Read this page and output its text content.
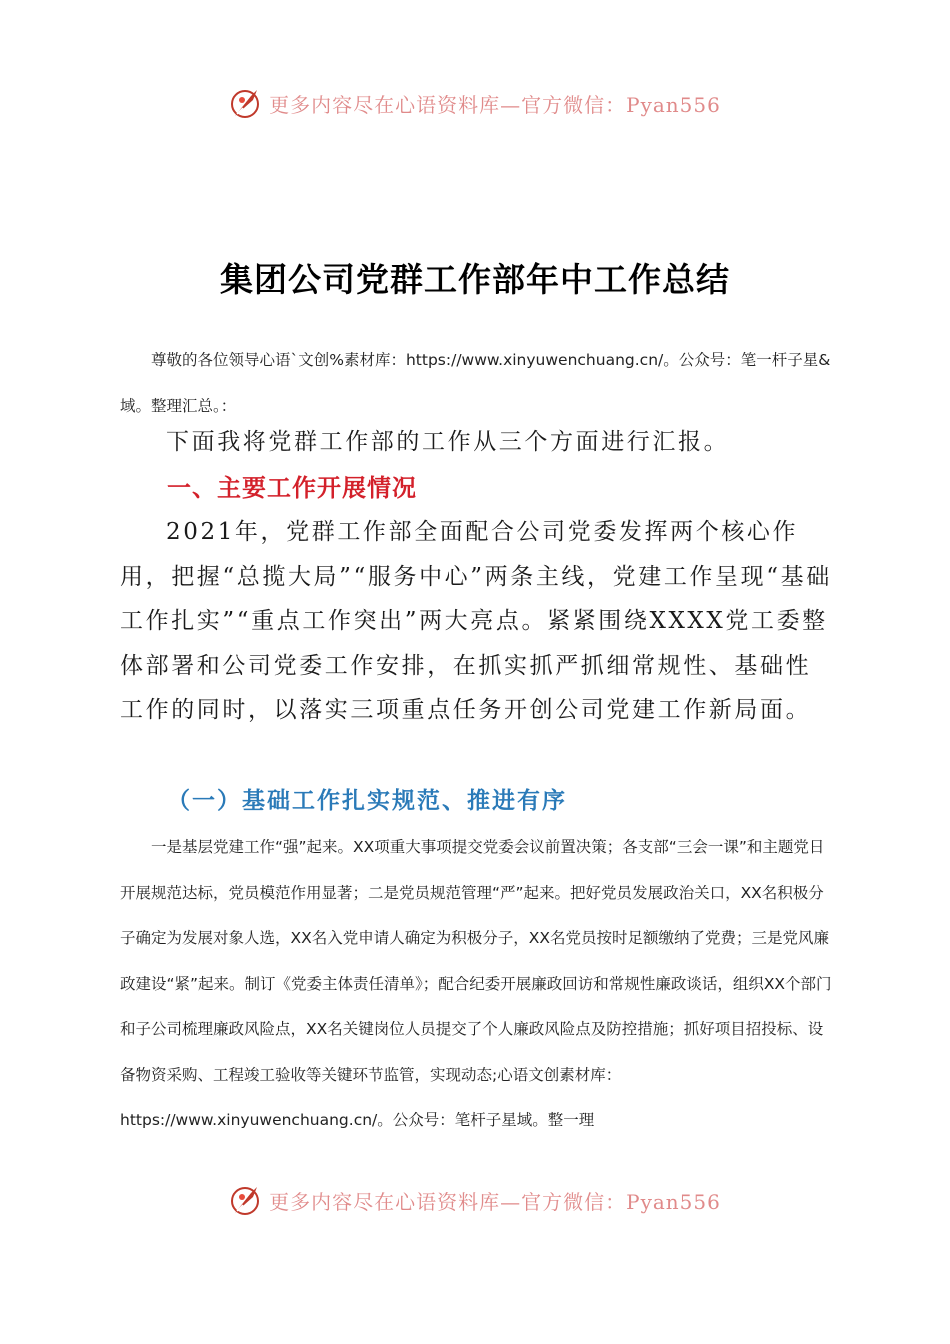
更多内容尽在心语资料库—官方微信：Pyan556
集团公司党群工作部年中工作总结

尊敬的各位领导心语`文创%素材库：https://www.xinyuwenchuang.cn/。公众号：笔一杆子星&域。整理汇总。：

下面我将党群工作部的工作从三个方面进行汇报。

一、主要工作开展情况

2021年，党群工作部全面配合公司党委发挥两个核心作用，把握“总揽大局”“服务中心”两条主线，党建工作呈现“基础工作扎实”“重点工作突出”两大亮点。紧紧围绕XXXX党工委整体部署和公司党委工作安排，在抓实抓严抓细常规性、基础性工作的同时，以落实三项重点任务开创公司党建工作新局面。

（一）基础工作扎实规范、推进有序

一是基层党建工作“强”起来。XX项重大事项提交党委会议前置决策；各支部“三会一课”和主题党日开展规范达标，党员模范作用显著；二是党员规范管理“严”起来。把好党员发展政治关口，XX名积极分子确定为发展对象人选，XX名入党申请人确定为积极分子，XX名党员按时足额缴纳了党费；三是党风廉政建设“紧”起来。制订《党委主体责任清单》；配合纪委开展廉政回访和常规性廉政谈话，组织XX个部门和子公司梳理廉政风险点，XX名关键岗位人员提交了个人廉政风险点及防控措施；抓好项目招投标、设备物资采购、工程竣工验收等关键环节监管，实现动态;心语文创素材库：https://www.xinyuwenchuang.cn/。公众号：笔杆子星域。整一理

更多内容尽在心语资料库—官方微信：Pyan556
